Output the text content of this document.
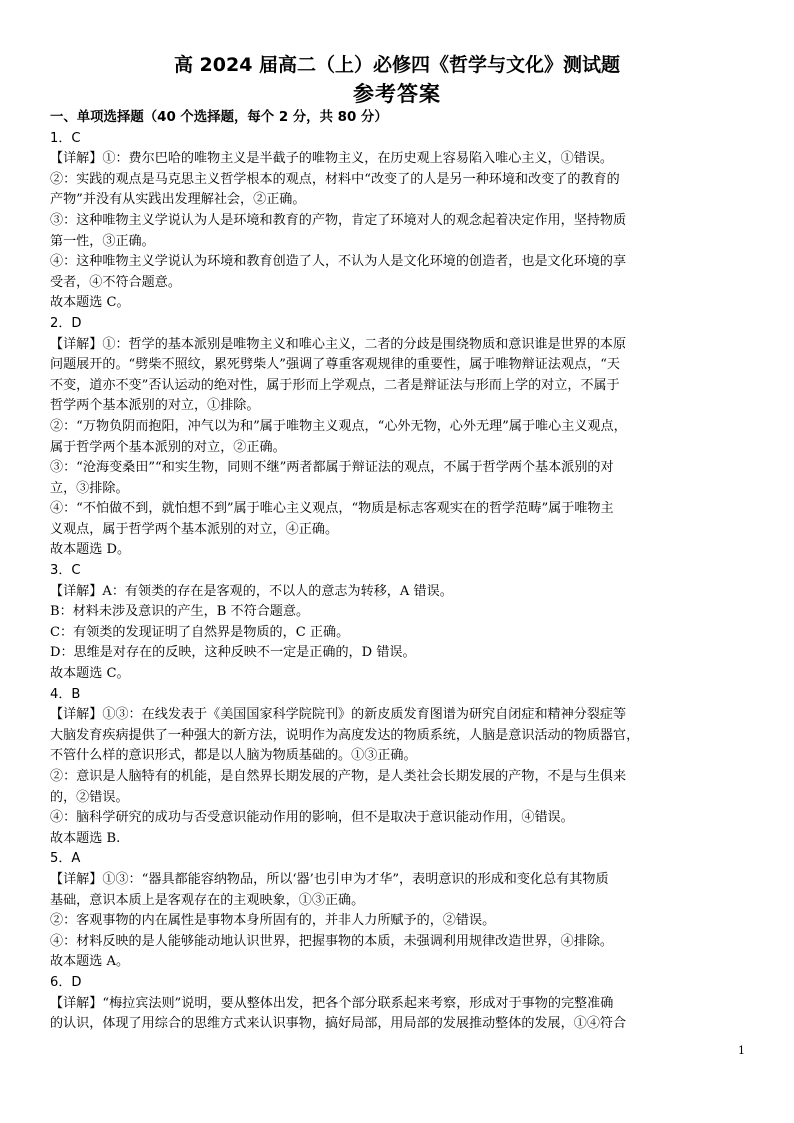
高 2024 届高二（上）必修四《哲学与文化》测试题
参考答案
一、单项选择题（40 个选择题，每个 2 分，共 80 分）
1．C
【详解】①：费尔巴哈的唯物主义是半截子的唯物主义，在历史观上容易陷入唯心主义，①错误。
②：实践的观点是马克思主义哲学根本的观点，材料中“改变了的人是另一种环境和改变了的教育的
产物”并没有从实践出发理解社会，②正确。
③：这种唯物主义学说认为人是环境和教育的产物，肯定了环境对人的观念起着决定作用，坚持物质
第一性，③正确。
④：这种唯物主义学说认为环境和教育创造了人，不认为人是文化环境的创造者，也是文化环境的享
受者，④不符合题意。
故本题选 C。
2．D
【详解】①：哲学的基本派别是唯物主义和唯心主义，二者的分歧是围绕物质和意识谁是世界的本原
问题展开的。“劈柴不照纹，累死劈柴人”强调了尊重客观规律的重要性，属于唯物辩证法观点，“天
不变，道亦不变”否认运动的绝对性，属于形而上学观点，二者是辩证法与形而上学的对立，不属于
哲学两个基本派别的对立，①排除。
②：“万物负阴而抱阳，冲气以为和”属于唯物主义观点，“心外无物，心外无理”属于唯心主义观点，
属于哲学两个基本派别的对立，②正确。
③：“沧海变桑田”“和实生物，同则不继”两者都属于辩证法的观点，不属于哲学两个基本派别的对
立，③排除。
④：“不怕做不到，就怕想不到”属于唯心主义观点，“物质是标志客观实在的哲学范畴”属于唯物主
义观点，属于哲学两个基本派别的对立，④正确。
故本题选 D。
3．C
【详解】A：有领类的存在是客观的，不以人的意志为转移，A 错误。
B：材料未涉及意识的产生，B 不符合题意。
C：有领类的发现证明了自然界是物质的，C 正确。
D：思维是对存在的反映，这种反映不一定是正确的，D 错误。
故本题选 C。
4．B
【详解】①③：在线发表于《美国国家科学院院刊》的新皮质发育图谱为研究自闭症和精神分裂症等
大脑发育疾病提供了一种强大的新方法，说明作为高度发达的物质系统，人脑是意识活动的物质器官，
不管什么样的意识形式，都是以人脑为物质基础的。①③正确。
②：意识是人脑特有的机能，是自然界长期发展的产物，是人类社会长期发展的产物，不是与生俱来
的，②错误。
④：脑科学研究的成功与否受意识能动作用的影响，但不是取决于意识能动作用，④错误。
故本题选 B.
5．A
【详解】①③：“器具都能容纳物品，所以‘器’也引申为才华”，表明意识的形成和变化总有其物质
基础，意识本质上是客观存在的主观映象，①③正确。
②：客观事物的内在属性是事物本身所固有的，并非人力所赋予的，②错误。
④：材料反映的是人能够能动地认识世界，把握事物的本质，未强调利用规律改造世界，④排除。
故本题选 A。
6．D
【详解】“梅拉宾法则”说明，要从整体出发，把各个部分联系起来考察，形成对于事物的完整准确
的认识，体现了用综合的思维方式来认识事物，搞好局部，用局部的发展推动整体的发展，①④符合
1
